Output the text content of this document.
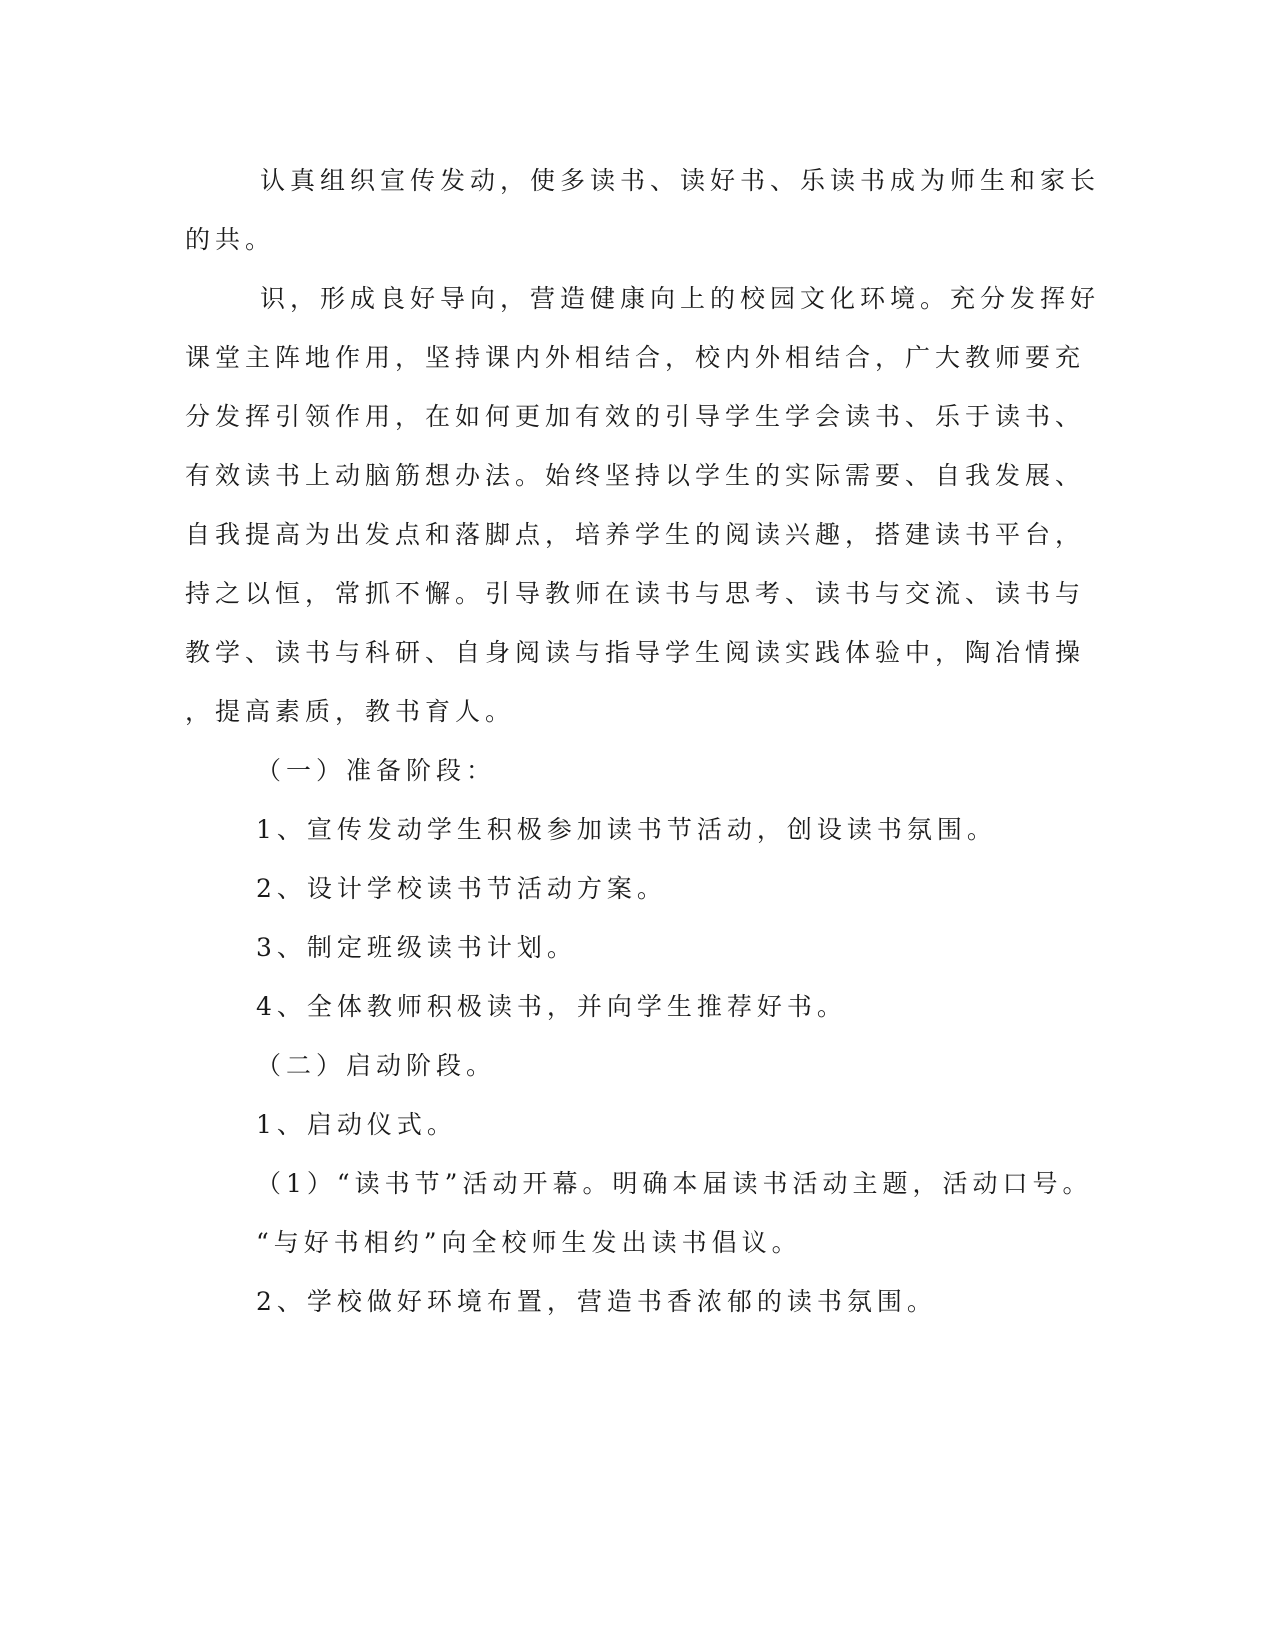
认真组织宣传发动，使多读书、读好书、乐读书成为师生和家长
的共。
识，形成良好导向，营造健康向上的校园文化环境。充分发挥好
课堂主阵地作用，坚持课内外相结合，校内外相结合，广大教师要充
分发挥引领作用，在如何更加有效的引导学生学会读书、乐于读书、
有效读书上动脑筋想办法。始终坚持以学生的实际需要、自我发展、
自我提高为出发点和落脚点，培养学生的阅读兴趣，搭建读书平台，
持之以恒，常抓不懈。引导教师在读书与思考、读书与交流、读书与
教学、读书与科研、自身阅读与指导学生阅读实践体验中，陶冶情操
，提高素质，教书育人。
（一）准备阶段：
1、宣传发动学生积极参加读书节活动，创设读书氛围。
2、设计学校读书节活动方案。
3、制定班级读书计划。
4、全体教师积极读书，并向学生推荐好书。
（二）启动阶段。
1、启动仪式。
（1）“读书节”活动开幕。明确本届读书活动主题，活动口号。
“与好书相约”向全校师生发出读书倡议。
2、学校做好环境布置，营造书香浓郁的读书氛围。
